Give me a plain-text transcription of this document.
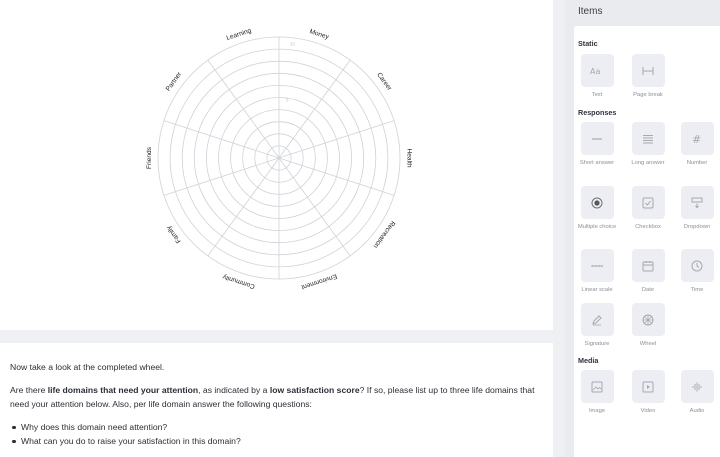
10
5
Money
Career
Health
Recreation
Environment
Community
Family
Friends
Partner
Learning

Now take a look at the completed wheel.

Are there life domains that need your attention, as indicated by a low satisfaction score? If so, please list up to three life domains that need your attention below. Also, per life domain answer the following questions:

Why does this domain need attention?
What can you do to raise your satisfaction in this domain?
Items
Static
Aa
Text	Page break
Responses
Short answer	Long answer
#
Number
Multiple choice	Checkbox	Dropdown
Linear scale	Date	Time
Signature	Wheel
Media
Image	Video	Audio
